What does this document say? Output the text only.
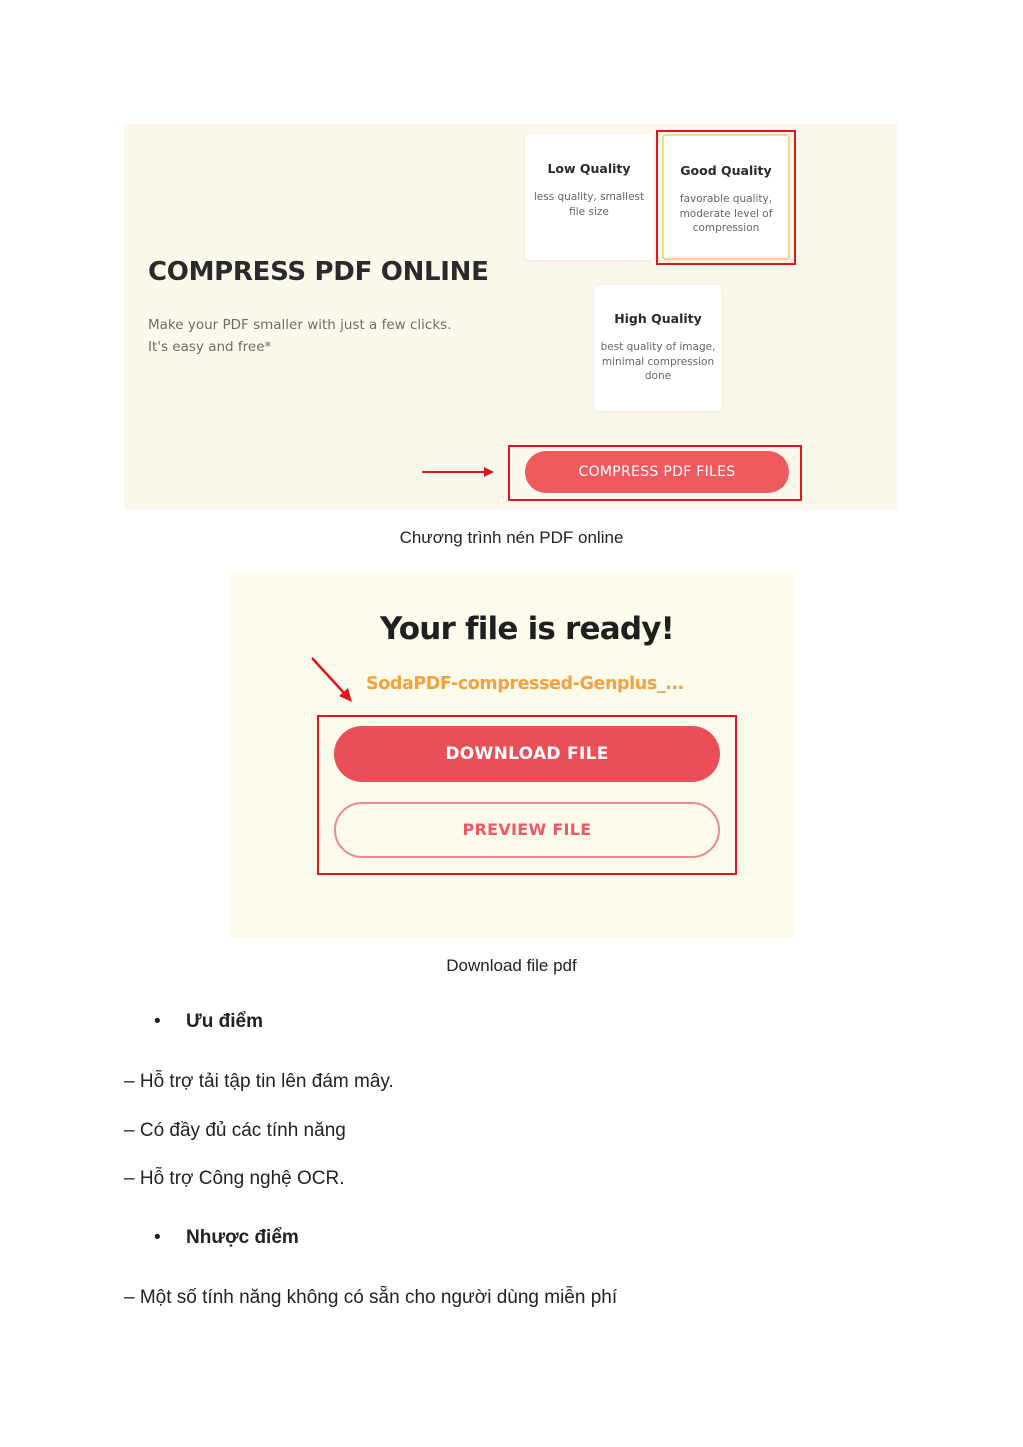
COMPRESS PDF ONLINE
Make your PDF smaller with just a few clicks.
It's easy and free*
Low Quality
less quality, smallest file size
Good Quality
favorable quality, moderate level of compression
High Quality
best quality of image, minimal compression done
COMPRESS PDF FILES
Chương trình nén PDF online
Your file is ready!
SodaPDF-compressed-Genplus_...
DOWNLOAD FILE
PREVIEW FILE
Download file pdf
• Ưu điểm
– Hỗ trợ tải tập tin lên đám mây.
– Có đầy đủ các tính năng
– Hỗ trợ Công nghệ OCR.
• Nhược điểm
– Một số tính năng không có sẵn cho người dùng miễn phí
